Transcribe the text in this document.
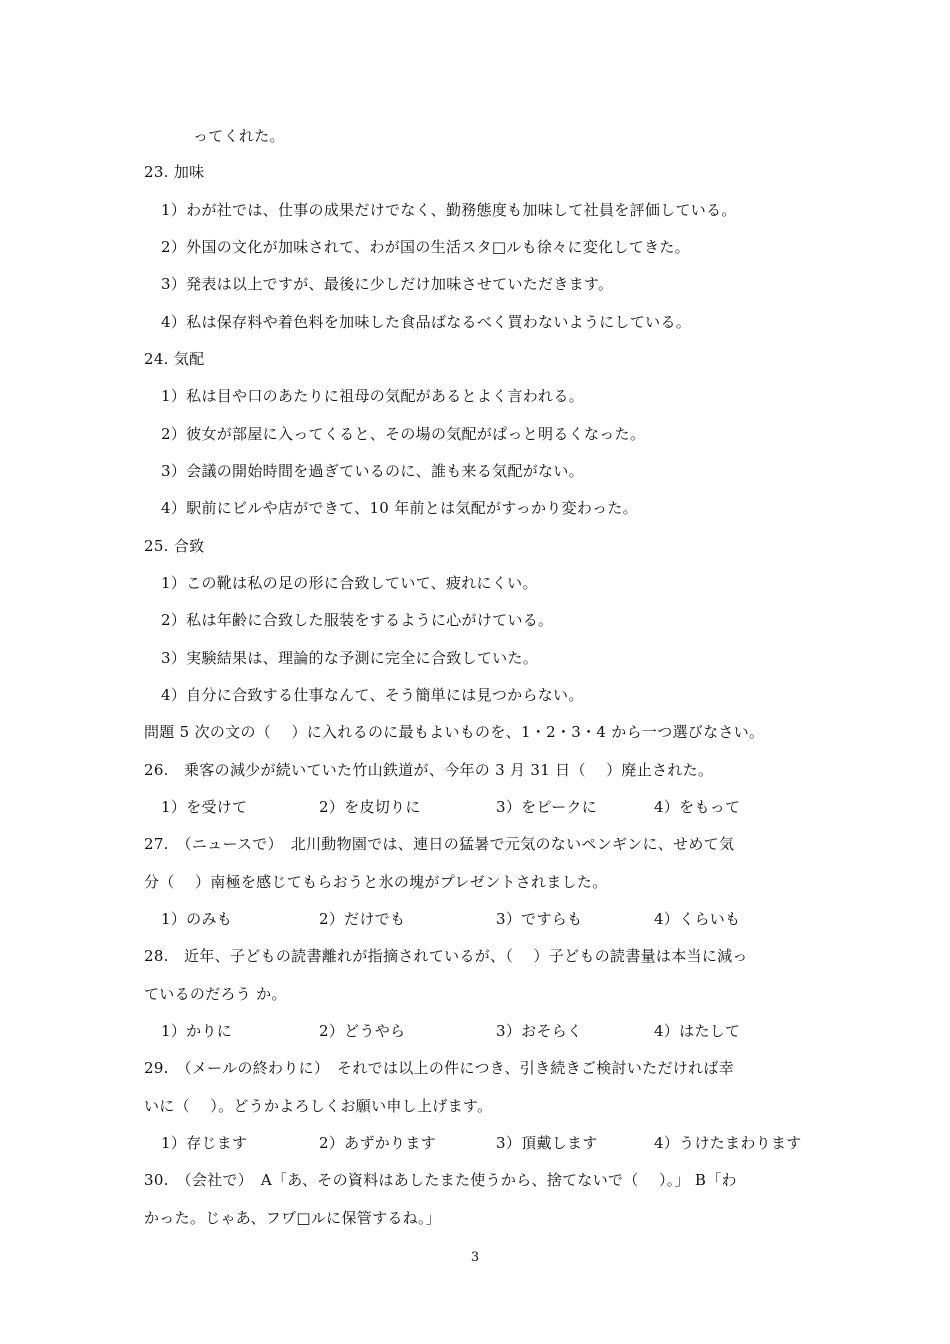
ってくれた。
23. 加味
1）わが社では、仕事の成果だけでなく、勤務態度も加味して社員を評価している。
2）外国の文化が加味されて、わが国の生活スタ□ルも徐々に変化してきた。
3）発表は以上ですが、最後に少しだけ加味させていただきます。
4）私は保存料や着色料を加味した食品ばなるべく買わないようにしている。
24. 気配
1）私は目や口のあたりに祖母の気配があるとよく言われる。
2）彼女が部屋に入ってくると、その場の気配がぱっと明るくなった。
3）会議の開始時間を過ぎているのに、誰も来る気配がない。
4）駅前にビルや店ができて、10 年前とは気配がすっかり変わった。
25. 合致
1）この靴は私の足の形に合致していて、疲れにくい。
2）私は年齢に合致した服装をするように心がけている。
3）実験結果は、理論的な予測に完全に合致していた。
4）自分に合致する仕事なんて、そう簡単には見つからない。
問題 5 次の文の（　 ）に入れるのに最もよいものを、1・2・3・4 から一つ選びなさい。
26.　乗客の減少が続いていた竹山鉄道が、今年の 3 月 31 日（　 ）廃止された。
1）を受けて	2）を皮切りに	3）をピークに	4）をもって
27.　（ニュースで）　北川動物園では、連日の猛暑で元気のないペンギンに、せめて気
分（　 ）南極を感じてもらおうと氷の塊がプレゼントされました。
1）のみも	2）だけでも	3）ですらも	4）くらいも
28.　近年、子どもの読書離れが指摘されているが、（　 ）子どもの読書量は本当に減っ
ているのだろう か。
1）かりに	2）どうやら	3）おそらく	4）はたして
29.　（メールの終わりに）　それでは以上の件につき、引き続きご検討いただければ幸
いに（　 ）。どうかよろしくお願い申し上げます。
1）存じます	2）あずかります	3）頂戴します	4）うけたまわります
30.　（会社で）　A「あ、その資料はあしたまた使うから、捨てないで（　 ）。」 B「わ
かった。じゃあ、フヷ□ルに保管するね。」
3
